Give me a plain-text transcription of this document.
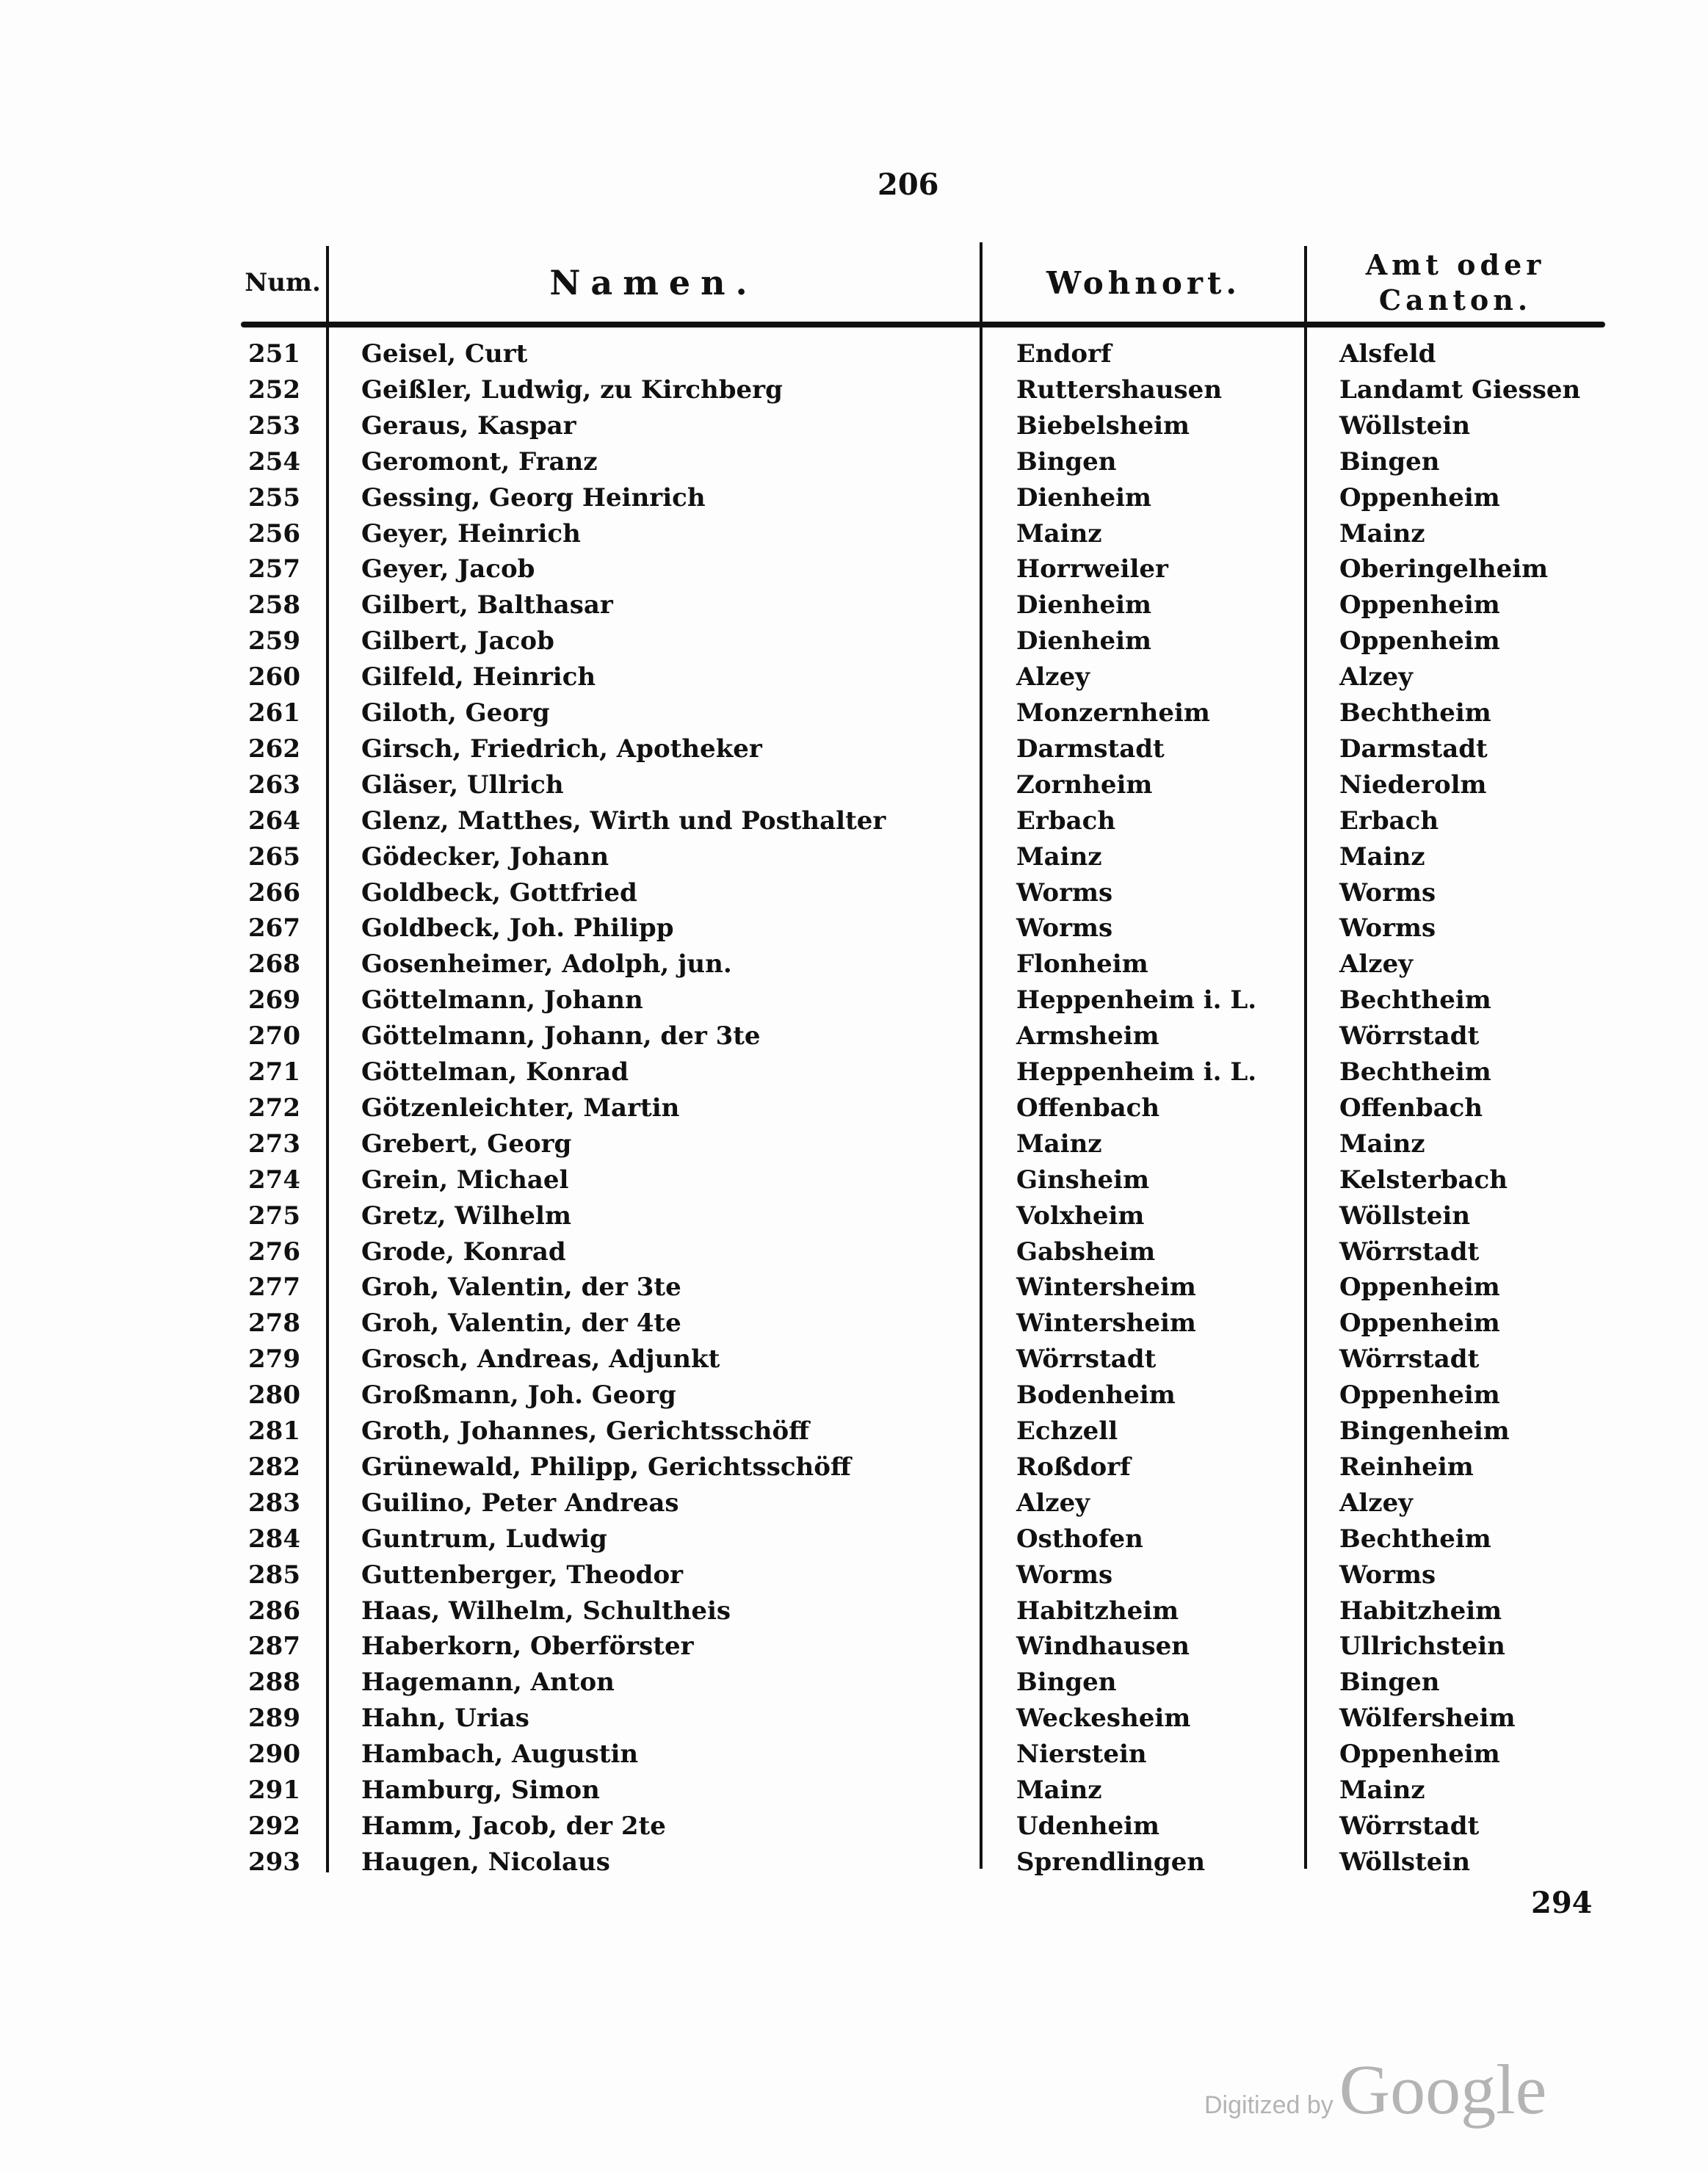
206
Num.	Namen.	Wohnort.	Amt oder
Canton.
251	Geisel, Curt	Endorf	Alsfeld
252	Geißler, Ludwig, zu Kirchberg	Ruttershausen	Landamt Giessen
253	Geraus, Kaspar	Biebelsheim	Wöllstein
254	Geromont, Franz	Bingen	Bingen
255	Gessing, Georg Heinrich	Dienheim	Oppenheim
256	Geyer, Heinrich	Mainz	Mainz
257	Geyer, Jacob	Horrweiler	Oberingelheim
258	Gilbert, Balthasar	Dienheim	Oppenheim
259	Gilbert, Jacob	Dienheim	Oppenheim
260	Gilfeld, Heinrich	Alzey	Alzey
261	Giloth, Georg	Monzernheim	Bechtheim
262	Girsch, Friedrich, Apotheker	Darmstadt	Darmstadt
263	Gläser, Ullrich	Zornheim	Niederolm
264	Glenz, Matthes, Wirth und Posthalter	Erbach	Erbach
265	Gödecker, Johann	Mainz	Mainz
266	Goldbeck, Gottfried	Worms	Worms
267	Goldbeck, Joh. Philipp	Worms	Worms
268	Gosenheimer, Adolph, jun.	Flonheim	Alzey
269	Göttelmann, Johann	Heppenheim i. L.	Bechtheim
270	Göttelmann, Johann, der 3te	Armsheim	Wörrstadt
271	Göttelman, Konrad	Heppenheim i. L.	Bechtheim
272	Götzenleichter, Martin	Offenbach	Offenbach
273	Grebert, Georg	Mainz	Mainz
274	Grein, Michael	Ginsheim	Kelsterbach
275	Gretz, Wilhelm	Volxheim	Wöllstein
276	Grode, Konrad	Gabsheim	Wörrstadt
277	Groh, Valentin, der 3te	Wintersheim	Oppenheim
278	Groh, Valentin, der 4te	Wintersheim	Oppenheim
279	Grosch, Andreas, Adjunkt	Wörrstadt	Wörrstadt
280	Großmann, Joh. Georg	Bodenheim	Oppenheim
281	Groth, Johannes, Gerichtsschöff	Echzell	Bingenheim
282	Grünewald, Philipp, Gerichtsschöff	Roßdorf	Reinheim
283	Guilino, Peter Andreas	Alzey	Alzey
284	Guntrum, Ludwig	Osthofen	Bechtheim
285	Guttenberger, Theodor	Worms	Worms
286	Haas, Wilhelm, Schultheis	Habitzheim	Habitzheim
287	Haberkorn, Oberförster	Windhausen	Ullrichstein
288	Hagemann, Anton	Bingen	Bingen
289	Hahn, Urias	Weckesheim	Wölfersheim
290	Hambach, Augustin	Nierstein	Oppenheim
291	Hamburg, Simon	Mainz	Mainz
292	Hamm, Jacob, der 2te	Udenheim	Wörrstadt
293	Haugen, Nicolaus	Sprendlingen	Wöllstein
294
Digitized by Google
